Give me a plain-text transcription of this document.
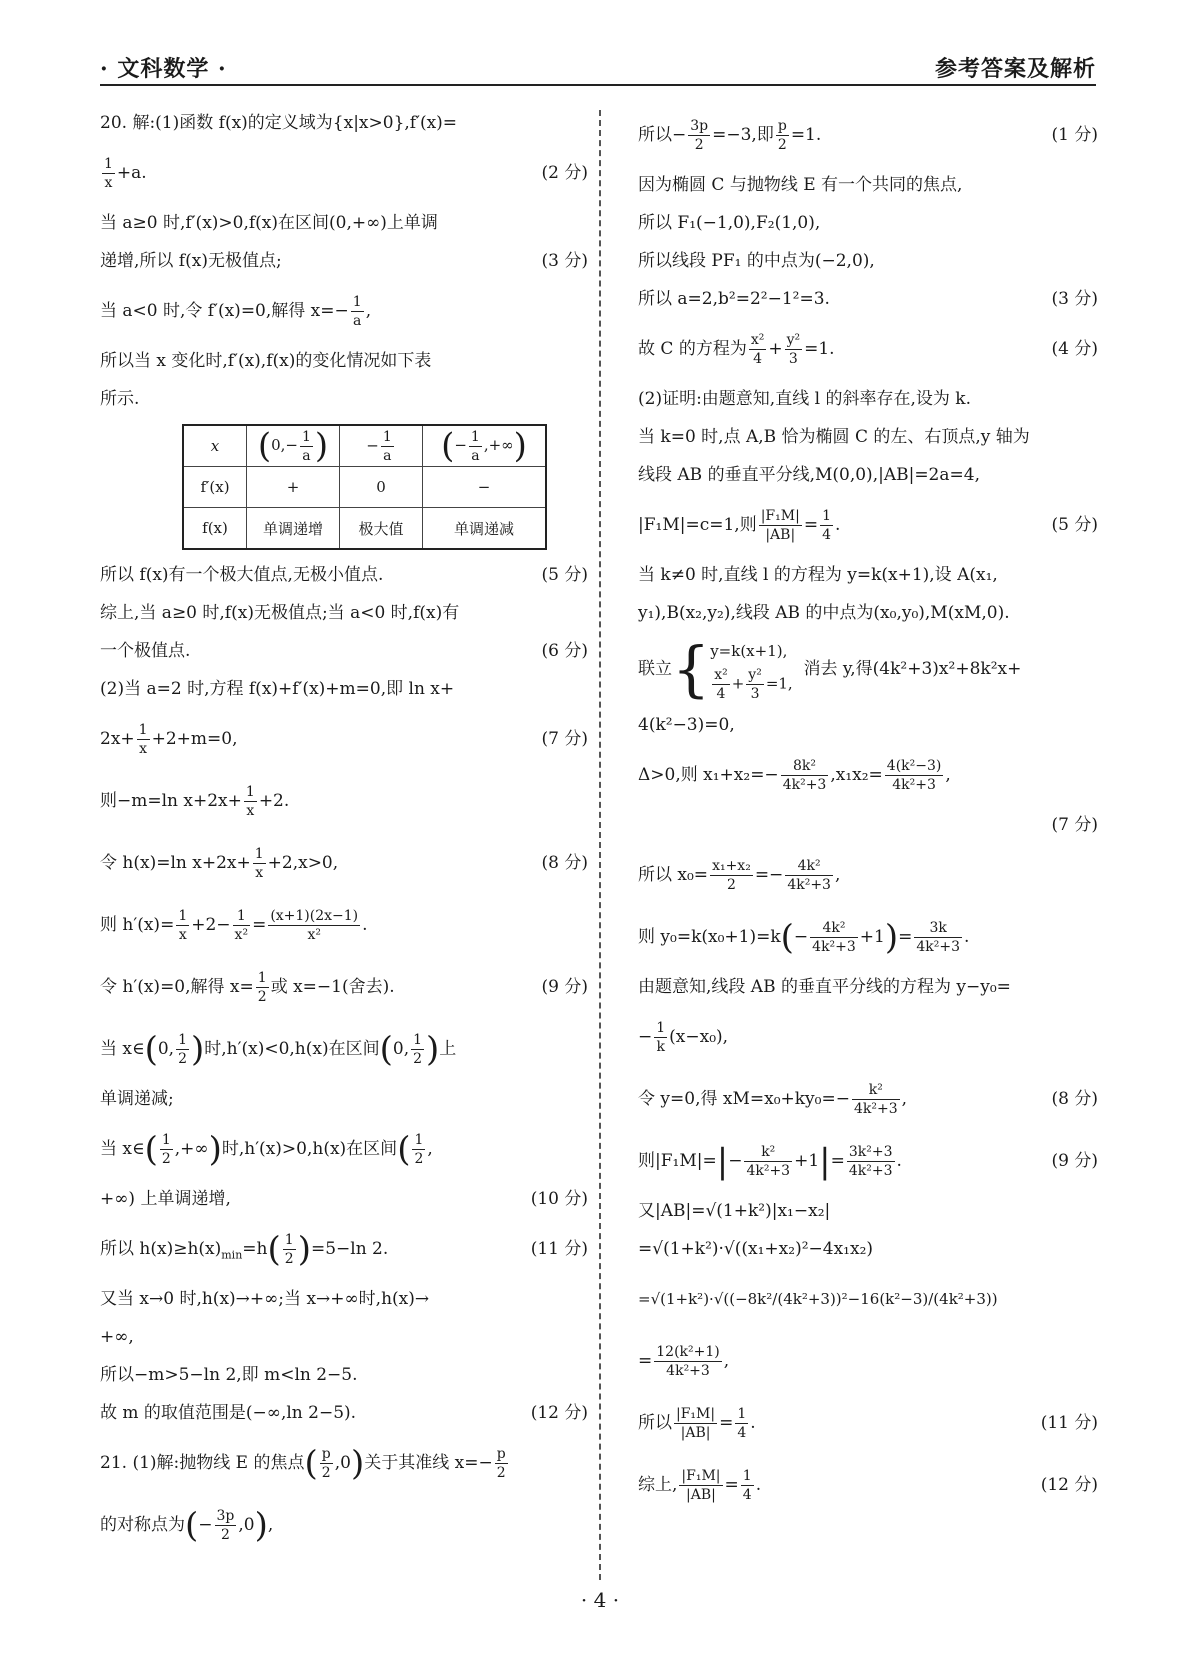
· 文科数学 ·	参考答案及解析
20. 解:(1)函数 f(x)的定义域为{x|x>0},f′(x)=
$\frac{1}{x} +a$.	(2 分)
当 a≥0 时,f′(x)>0,f(x)在区间(0,+∞)上单调
递增,所以 f(x)无极值点;	(3 分)
当 a<0 时,令 f′(x)=0,解得 $x=- \frac{1}{a}$ ,
所以当 x 变化时,f′(x),f(x)的变化情况如下表
所示.
x	($0,- \frac{1}{a}$ )	− $\frac{1}{a}$	(− $\frac{1}{a}$ ,+∞)
f′(x)	+	0	−
f(x)	单调递增	极大值	单调递减
所以 f(x)有一个极大值点,无极小值点.	(5 分)
综上,当 a≥0 时,f(x)无极值点;当 a<0 时,f(x)有
一个极值点.	(6 分)
(2)当 a=2 时,方程 f(x)+f′(x)+m=0,即 ln x+
$2x+ \frac{1}{x} +2+m=0$,	(7 分)
则−m=ln $x+2x+ \frac{1}{x} +2$.
令 h(x)=ln $x+2x+ \frac{1}{x} +2,x>0$,	(8 分)
则 $h'(x)= \frac{1}{x} +2- \frac{1}{\text{x²}} = \frac{(x+1)(2x-1)}{\text{x²}}$ .
令 h′(x)=0,解得 $x= \frac{1}{2}$ 或 x=−1(舍去).	(9 分)
当 x∈(0, $\frac{1}{2}$ )时,h′(x)<0,h(x)在区间(0, $\frac{1}{2}$ )上
单调递减;
当 x∈( $\frac{1}{2}$ ,+∞)时,h′(x)>0,h(x)在区间( $\frac{1}{2}$ ,
+∞) 上单调递增,	(10 分)
所以 $h(x)\ge h(x)_{min}=h( \frac{1}{2} )=5-\ln$ 2.	(11 分)
又当 x→0 时,h(x)→+∞;当 x→+∞时,h(x)→
+∞,
所以−m>5−ln 2,即 m<ln 2−5.
故 m 的取值范围是(−∞,ln 2−5).	(12 分)
21. (1)解:抛物线 E 的焦点( $\frac{p}{2} ,0$)关于其准线 $x=- \frac{p}{2}$
的对称点为(− $\frac{3p}{2} ,0$),
所以− $\frac{3p}{2} =-3$,即 $\frac{p}{2} =1$.	(1 分)
因为椭圆 C 与抛物线 E 有一个共同的焦点,
所以 F₁(−1,0),F₂(1,0),
所以线段 PF₁ 的中点为(−2,0),
所以 a=2,b²=2²−1²=3.	(3 分)
故 C 的方程为 $\frac{\text{x²}}{4} + \frac{\text{y²}}{3} =1$.	(4 分)
(2)证明:由题意知,直线 l 的斜率存在,设为 k.
当 k=0 时,点 A,B 恰为椭圆 C 的左、右顶点,y 轴为
线段 AB 的垂直平分线,M(0,0),|AB|=2a=4,
|F₁M|=c=1,则 $\frac{\text{|F₁M|}}{|AB|} = \frac{1}{4}$ .	(5 分)
当 k≠0 时,直线 l 的方程为 y=k(x+1),设 A(x₁,
y₁),B(x₂,y₂),线段 AB 的中点为(x₀,y₀),M(xM,0).
联立{ y=k(x+1),
$\frac{\text{x²}}{4} + \frac{\text{y²}}{3} =1$,
消去 y,得(4k²+3)x²+8k²x+
4(k²−3)=0,
Δ>0,则 $x_1+x_2=- \frac{\text{8k²}}{\text{4k²+3}} ,x_1x_2= \frac{\text{4(k²−3)}}{\text{4k²+3}}$ ,
(7 分)
所以 $x_0= \frac{\text{x₁+x₂}}{2} =- \frac{\text{4k²}}{\text{4k²+3}}$ ,
则 $y_0=k(x_0+1)=k(- \frac{\text{4k²}}{\text{4k²+3}} +1)= \frac{3k}{\text{4k²+3}}$ .
由题意知,线段 AB 的垂直平分线的方程为 y−y₀=
− $\frac{1}{k} (x-x_0)$,
令 y=0,得 $xM=x_0+ky_0=- \frac{\text{k²}}{\text{4k²+3}}$ ,	(8 分)
则$|F_1M|=|- \frac{\text{k²}}{\text{4k²+3}} +1|= \frac{\text{3k²+3}}{\text{4k²+3}}$ .	(9 分)
又|AB|=√(1+k²)|x₁−x₂|
=√(1+k²)·√((x₁+x₂)²−4x₁x₂)
=√(1+k²)·√((−8k²/(4k²+3))²−16(k²−3)/(4k²+3))
= $\frac{\text{12(k²+1)}}{\text{4k²+3}}$ ,
所以 $\frac{\text{|F₁M|}}{|AB|} = \frac{1}{4}$ .	(11 分)
综上, $\frac{\text{|F₁M|}}{|AB|} = \frac{1}{4}$ .	(12 分)
· 4 ·
